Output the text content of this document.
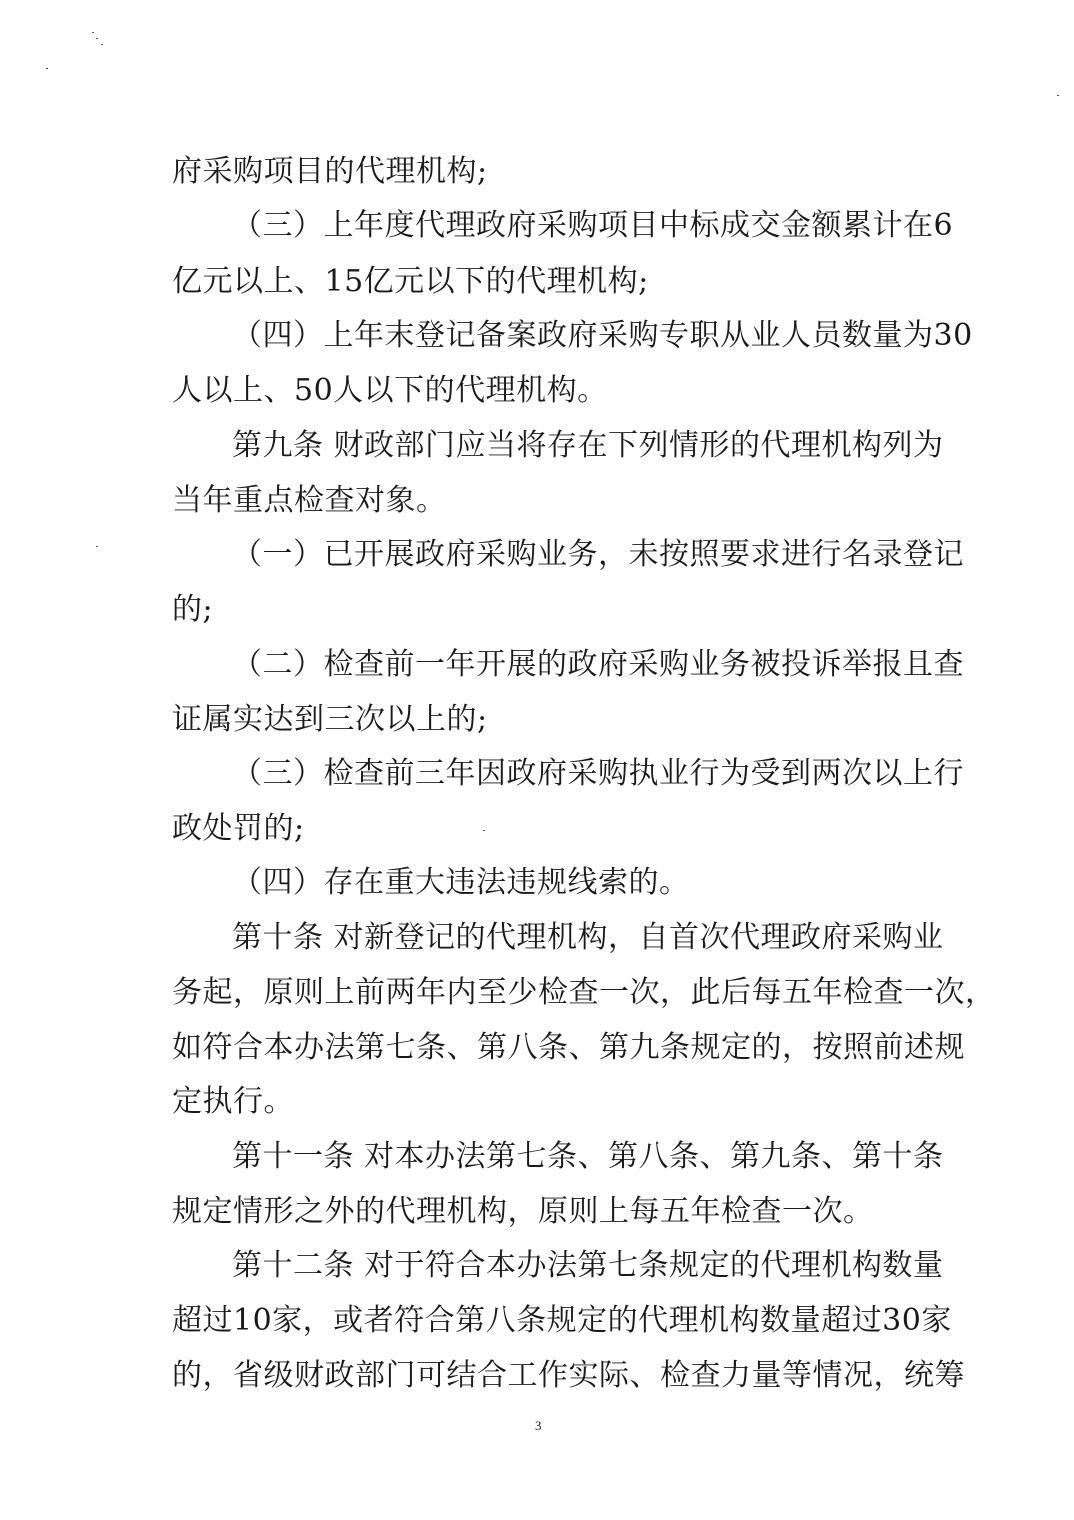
府采购项目的代理机构;
（三）上年度代理政府采购项目中标成交金额累计在6
亿元以上、15亿元以下的代理机构;
（四）上年末登记备案政府采购专职从业人员数量为30
人以上、50人以下的代理机构。
第九条 财政部门应当将存在下列情形的代理机构列为
当年重点检查对象。
（一）已开展政府采购业务，未按照要求进行名录登记
的;
（二）检查前一年开展的政府采购业务被投诉举报且查
证属实达到三次以上的;
（三）检查前三年因政府采购执业行为受到两次以上行
政处罚的;
（四）存在重大违法违规线索的。
第十条 对新登记的代理机构，自首次代理政府采购业
务起，原则上前两年内至少检查一次，此后每五年检查一次，
如符合本办法第七条、第八条、第九条规定的，按照前述规
定执行。
第十一条 对本办法第七条、第八条、第九条、第十条
规定情形之外的代理机构，原则上每五年检查一次。
第十二条 对于符合本办法第七条规定的代理机构数量
超过10家，或者符合第八条规定的代理机构数量超过30家
的，省级财政部门可结合工作实际、检查力量等情况，统筹
3
